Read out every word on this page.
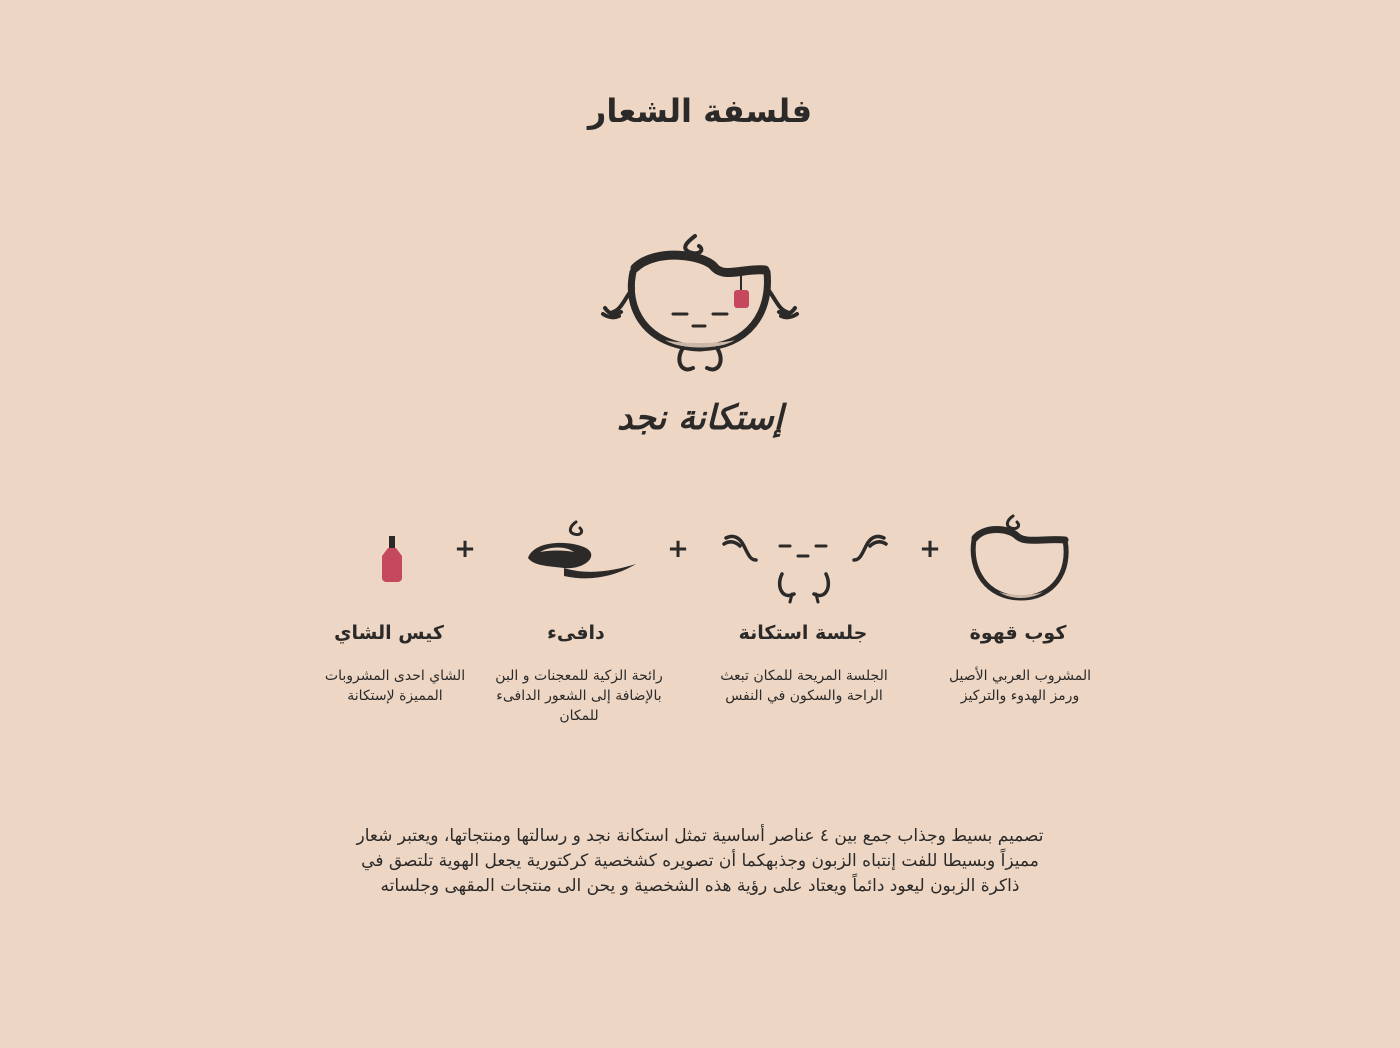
فلسفة الشعار
إستكانة نجد
+
+
+
كوب قهوة
جلسة استكانة
دافىء
كيس الشاي
المشروب العربي الأصيل ورمز الهدوء والتركيز
الجلسة المريحة للمكان تبعث الراحة والسكون في النفس
رائحة الزكية للمعجنات و البن بالإضافة إلى الشعور الدافىء للمكان
الشاي احدى المشروبات المميزة لإستكانة
تصميم بسيط وجذاب جمع بين ٤ عناصر أساسية تمثل استكانة نجد و رسالتها ومنتجاتها، ويعتبر شعار مميزاً وبسيطا للفت إنتباه الزبون وجذبهكما أن تصويره كشخصية كركتورية يجعل الهوية تلتصق في ذاكرة الزبون ليعود دائماً ويعتاد على رؤية هذه الشخصية و يحن الى منتجات المقهى وجلساته
